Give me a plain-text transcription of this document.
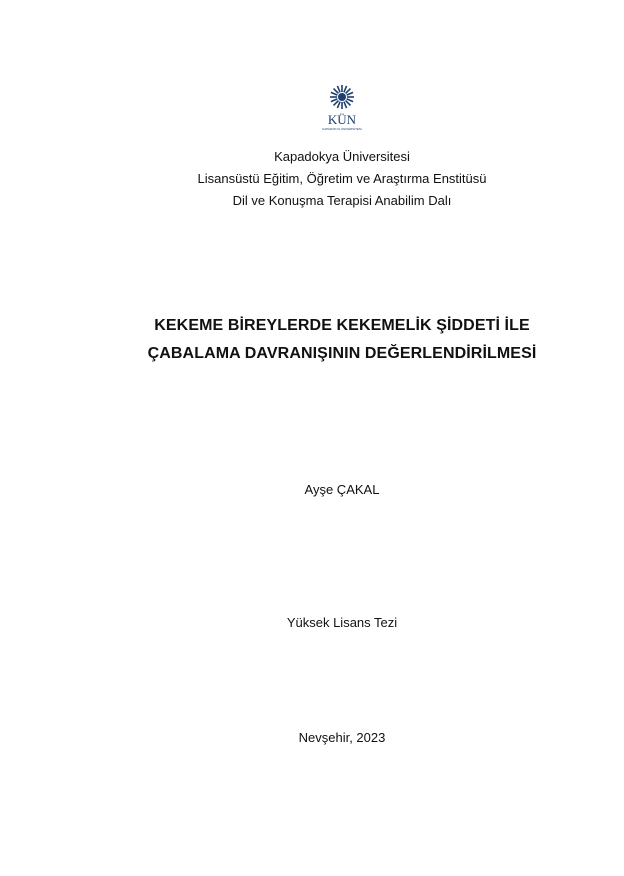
KÜN
KAPADOKYA ÜNİVERSİTESİ
Kapadokya Üniversitesi
Lisansüstü Eğitim, Öğretim ve Araştırma Enstitüsü
Dil ve Konuşma Terapisi Anabilim Dalı
KEKEME BİREYLERDE KEKEMELİK ŞİDDETİ İLE
ÇABALAMA DAVRANIŞININ DEĞERLENDİRİLMESİ
Ayşe ÇAKAL
Yüksek Lisans Tezi
Nevşehir, 2023
